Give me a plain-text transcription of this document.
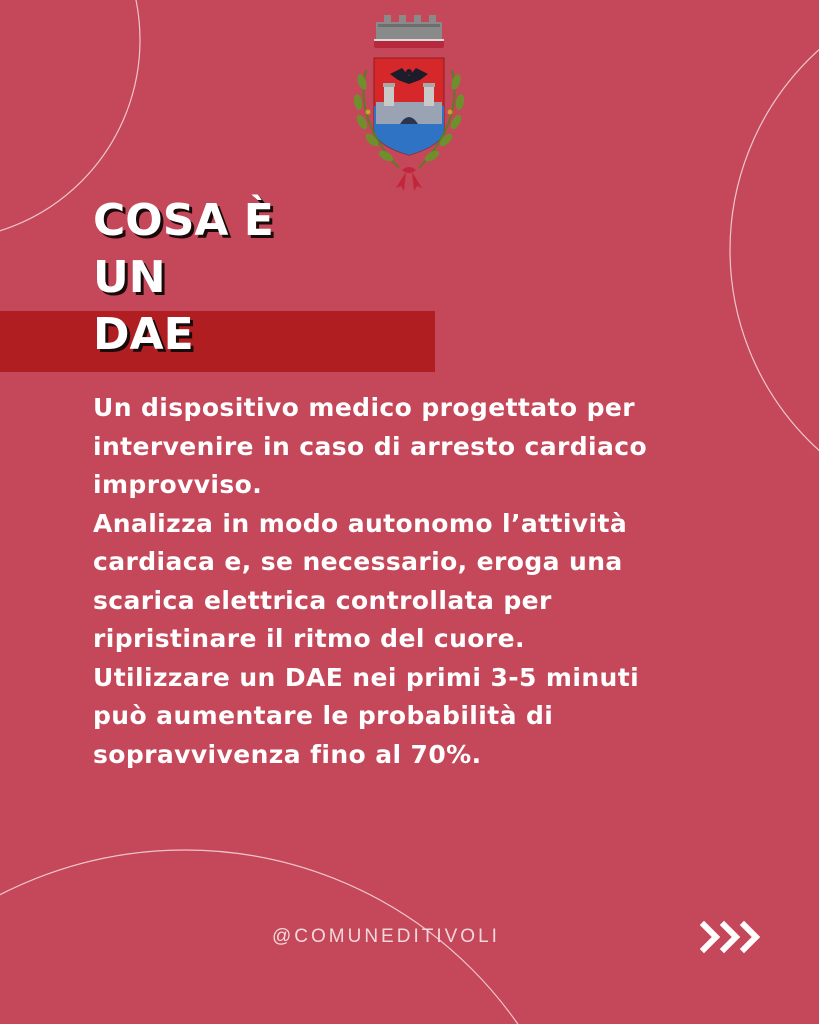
COSA È
UN
DAE

Un dispositivo medico progettato per intervenire in caso di arresto cardiaco improvviso.

Analizza in modo autonomo l’attività cardiaca e, se necessario, eroga una scarica elettrica controllata per ripristinare il ritmo del cuore.

Utilizzare un DAE nei primi 3-5 minuti può aumentare le probabilità di sopravvivenza fino al 70%.

@COMUNEDITIVOLI
